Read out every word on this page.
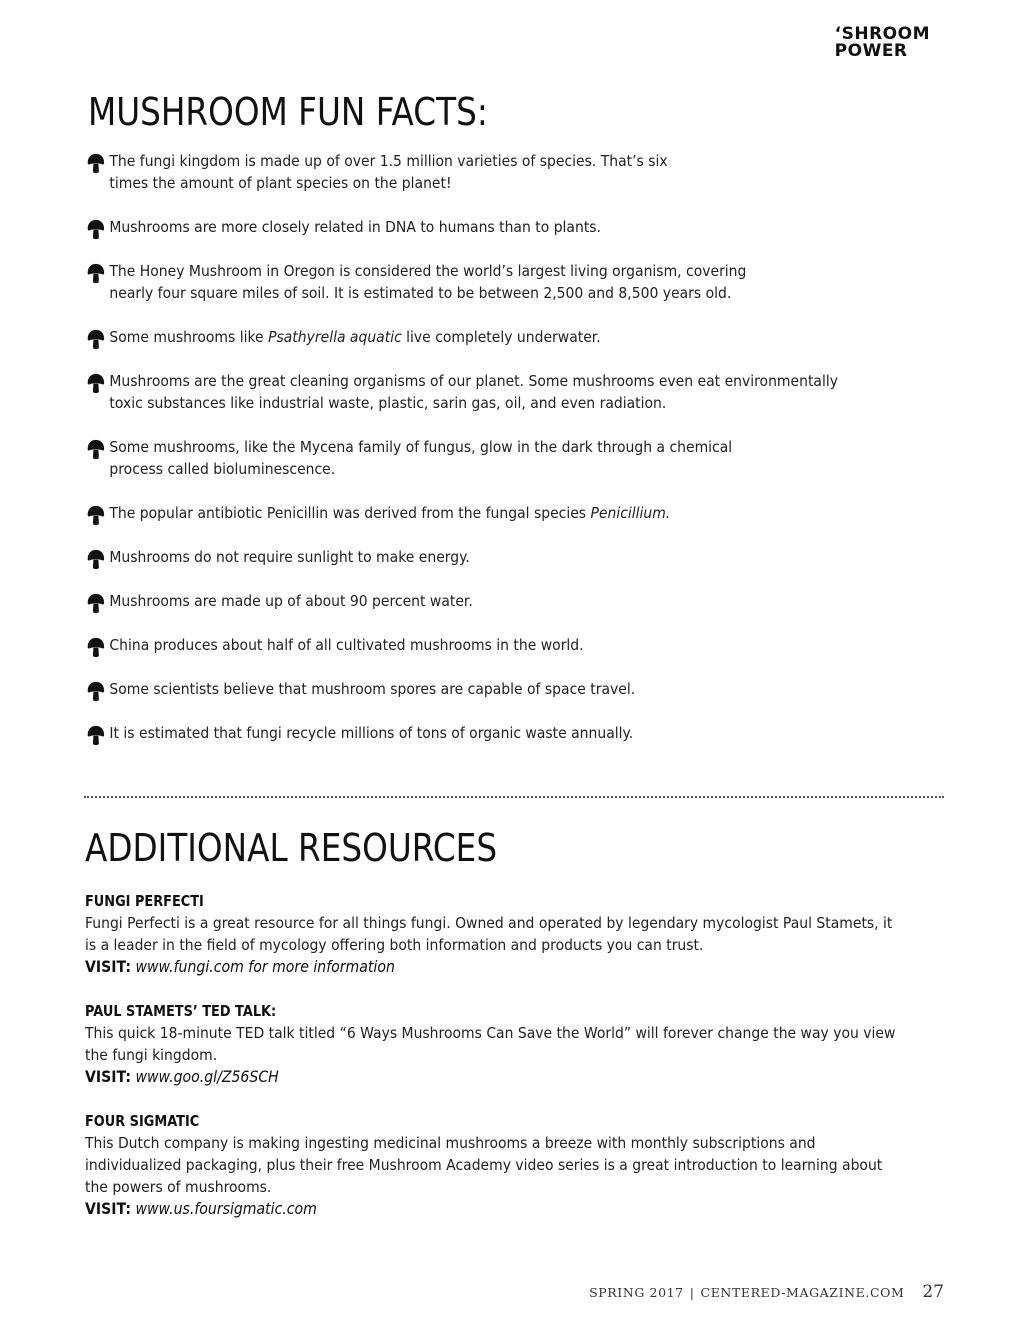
‘SHROOM
POWER
MUSHROOM FUN FACTS:
The fungi kingdom is made up of over 1.5 million varieties of species. That’s six
times the amount of plant species on the planet!
Mushrooms are more closely related in DNA to humans than to plants.
The Honey Mushroom in Oregon is considered the world’s largest living organism, covering
nearly four square miles of soil. It is estimated to be between 2,500 and 8,500 years old.
Some mushrooms like Psathyrella aquatic live completely underwater.
Mushrooms are the great cleaning organisms of our planet. Some mushrooms even eat environmentally
toxic substances like industrial waste, plastic, sarin gas, oil, and even radiation.
Some mushrooms, like the Mycena family of fungus, glow in the dark through a chemical
process called bioluminescence.
The popular antibiotic Penicillin was derived from the fungal species Penicillium.
Mushrooms do not require sunlight to make energy.
Mushrooms are made up of about 90 percent water.
China produces about half of all cultivated mushrooms in the world.
Some scientists believe that mushroom spores are capable of space travel.
It is estimated that fungi recycle millions of tons of organic waste annually.
ADDITIONAL RESOURCES
FUNGI PERFECTI
Fungi Perfecti is a great resource for all things fungi. Owned and operated by legendary mycologist Paul Stamets, it
is a leader in the field of mycology offering both information and products you can trust.
VISIT: www.fungi.com for more information
PAUL STAMETS’ TED TALK:
This quick 18-minute TED talk titled “6 Ways Mushrooms Can Save the World” will forever change the way you view
the fungi kingdom.
VISIT: www.goo.gl/Z56SCH
FOUR SIGMATIC
This Dutch company is making ingesting medicinal mushrooms a breeze with monthly subscriptions and
individualized packaging, plus their free Mushroom Academy video series is a great introduction to learning about
the powers of mushrooms.
VISIT: www.us.foursigmatic.com
SPRING 2017 | CENTERED-MAGAZINE.COM 27
